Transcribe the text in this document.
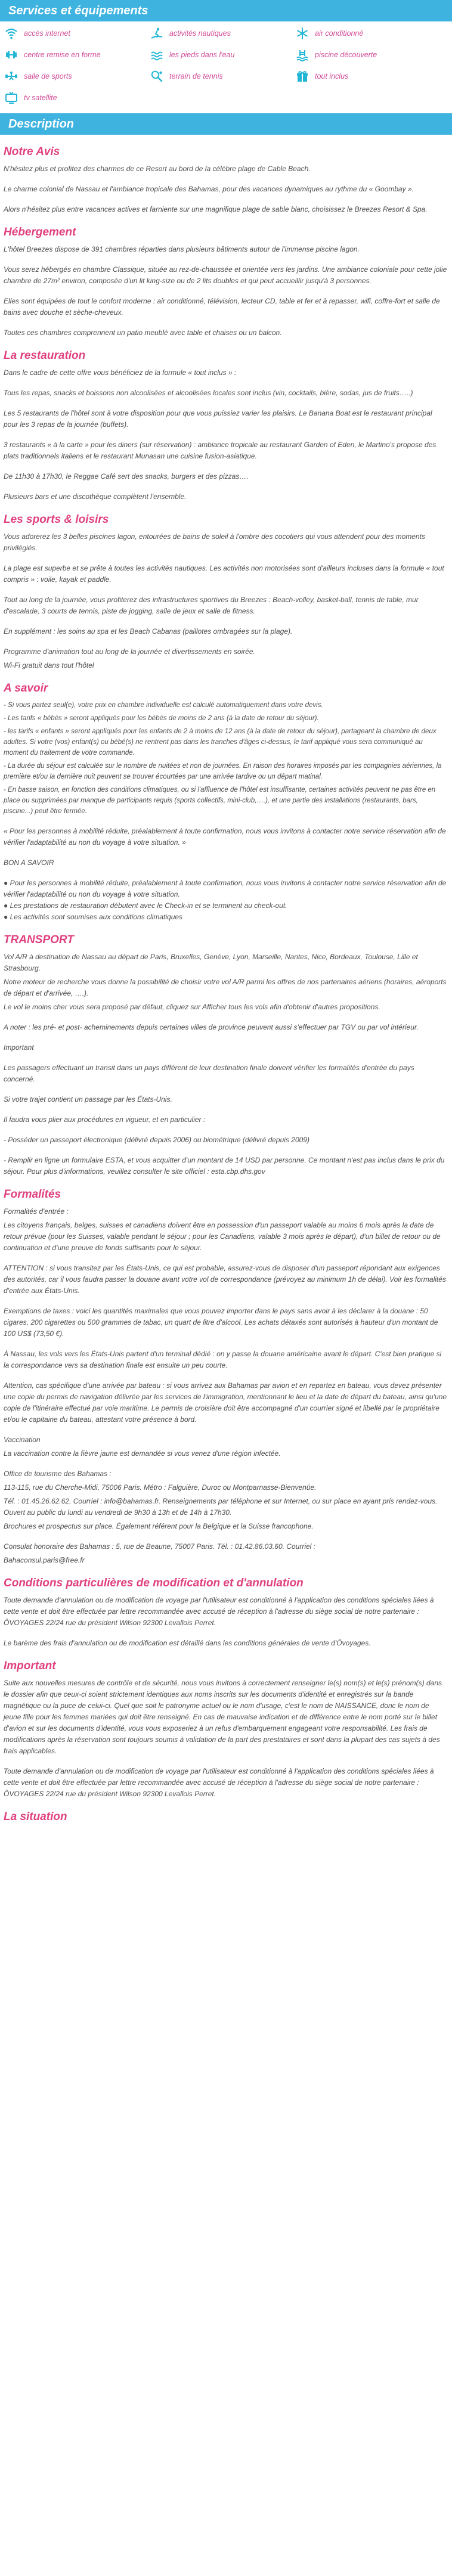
Services et équipements
accès internet	activités nautiques	air conditionné
centre remise en forme	les pieds dans l'eau	piscine découverte
salle de sports	terrain de tennis	tout inclus
tv satellite
Description
Notre Avis

N'hésitez plus et profitez des charmes de ce Resort au bord de la célèbre plage de Cable Beach.

Le charme colonial de Nassau et l'ambiance tropicale des Bahamas, pour des vacances dynamiques au rythme du « Goombay ».

Alors n'hésitez plus entre vacances actives et farniente sur une magnifique plage de sable blanc, choisissez le Breezes Resort & Spa.

Hébergement

L'hôtel Breezes dispose de 391 chambres réparties dans plusieurs bâtiments autour de l'immense piscine lagon.

Vous serez hébergés en chambre Classique, située au rez-de-chaussée et orientée vers les jardins. Une ambiance coloniale pour cette jolie chambre de 27m² environ, composée d'un lit king-size ou de 2 lits doubles et qui peut accueillir jusqu'à 3 personnes.

Elles sont équipées de tout le confort moderne : air conditionné, télévision, lecteur CD, table et fer et à repasser, wifi, coffre-fort et salle de bains avec douche et sèche-cheveux.

Toutes ces chambres comprennent un patio meublé avec table et chaises ou un balcon.

La restauration

Dans le cadre de cette offre vous bénéficiez de la formule « tout inclus » :

Tous les repas, snacks et boissons non alcoolisées et alcoolisées locales sont inclus (vin, cocktails, bière, sodas, jus de fruits…..)

Les 5 restaurants de l'hôtel sont à votre disposition pour que vous puissiez varier les plaisirs. Le Banana Boat est le restaurant principal pour les 3 repas de la journée (buffets).

3 restaurants « à la carte » pour les diners (sur réservation) : ambiance tropicale au restaurant Garden of Eden, le Martino's propose des plats traditionnels italiens et le restaurant Munasan une cuisine fusion-asiatique.

De 11h30 à 17h30, le Reggae Café sert des snacks, burgers et des pizzas….

Plusieurs bars et une discothèque complètent l'ensemble.

Les sports & loisirs

Vous adorerez les 3 belles piscines lagon, entourées de bains de soleil à l'ombre des cocotiers qui vous attendent pour des moments privilégiés.

La plage est superbe et se prête à toutes les activités nautiques. Les activités non motorisées sont d'ailleurs incluses dans la formule « tout compris » : voile, kayak et paddle.

Tout au long de la journée, vous profiterez des infrastructures sportives du Breezes : Beach-volley, basket-ball, tennis de table, mur d'escalade, 3 courts de tennis, piste de jogging, salle de jeux et salle de fitness.

En supplément : les soins au spa et les Beach Cabanas (paillotes ombragées sur la plage).

Programme d'animation tout au long de la journée et divertissements en soirée.

Wi-Fi gratuit dans tout l'hôtel

A savoir

- Si vous partez seul(e), votre prix en chambre individuelle est calculé automatiquement dans votre devis.

- Les tarifs « bébés » seront appliqués pour les bébés de moins de 2 ans (à la date de retour du séjour).

- les tarifs « enfants » seront appliqués pour les enfants de 2 à moins de 12 ans (à la date de retour du séjour), partageant la chambre de deux adultes. Si votre (vos) enfant(s) ou bébé(s) ne rentrent pas dans les tranches d'âges ci-dessus, le tarif appliqué vous sera communiqué au moment du traitement de votre commande.

- La durée du séjour est calculée sur le nombre de nuitées et non de journées. En raison des horaires imposés par les compagnies aériennes, la première et/ou la dernière nuit peuvent se trouver écourtées par une arrivée tardive ou un départ matinal.

- En basse saison, en fonction des conditions climatiques, ou si l'affluence de l'hôtel est insuffisante, certaines activités peuvent ne pas être en place ou supprimées par manque de participants requis (sports collectifs, mini-club,….), et une partie des installations (restaurants, bars, piscine...) peut être fermée.

« Pour les personnes à mobilité réduite, préalablement à toute confirmation, nous vous invitons à contacter notre service réservation afin de vérifier l'adaptabilité au non du voyage à votre situation. »

BON A SAVOIR

● Pour les personnes à mobilité réduite, préalablement à toute confirmation, nous vous invitons à contacter notre service réservation afin de vérifier l'adaptabilité ou non du voyage à votre situation.
● Les prestations de restauration débutent avec le Check-in et se terminent au check-out.
● Les activités sont soumises aux conditions climatiques
TRANSPORT

Vol A/R à destination de Nassau au départ de Paris, Bruxelles, Genève, Lyon, Marseille, Nantes, Nice, Bordeaux, Toulouse, Lille et Strasbourg.

Notre moteur de recherche vous donne la possibilité de choisir votre vol A/R parmi les offres de nos partenaires aériens (horaires, aéroports de départ et d'arrivée, ….).

Le vol le moins cher vous sera proposé par défaut, cliquez sur Afficher tous les vols afin d'obtenir d'autres propositions.

A noter : les pré- et post- acheminements depuis certaines villes de province peuvent aussi s'effectuer par TGV ou par vol intérieur.

Important

Les passagers effectuant un transit dans un pays différent de leur destination finale doivent vérifier les formalités d'entrée du pays concerné.

Si votre trajet contient un passage par les États-Unis.

Il faudra vous plier aux procédures en vigueur, et en particulier :

- Posséder un passeport électronique (délivré depuis 2006) ou biométrique (délivré depuis 2009)

- Remplir en ligne un formulaire ESTA, et vous acquitter d'un montant de 14 USD par personne. Ce montant n'est pas inclus dans le prix du séjour. Pour plus d'informations, veuillez consulter le site officiel : esta.cbp.dhs.gov

Formalités

Formalités d'entrée :

Les citoyens français, belges, suisses et canadiens doivent être en possession d'un passeport valable au moins 6 mois après la date de retour prévue (pour les Suisses, valable pendant le séjour ; pour les Canadiens, valable 3 mois après le départ), d'un billet de retour ou de continuation et d'une preuve de fonds suffisants pour le séjour.

ATTENTION : si vous transitez par les États-Unis, ce qui est probable, assurez-vous de disposer d'un passeport répondant aux exigences des autorités, car il vous faudra passer la douane avant votre vol de correspondance (prévoyez au minimum 1h de délai). Voir les formalités d'entrée aux États-Unis.

Exemptions de taxes : voici les quantités maximales que vous pouvez importer dans le pays sans avoir à les déclarer à la douane : 50 cigares, 200 cigarettes ou 500 grammes de tabac, un quart de litre d'alcool. Les achats détaxés sont autorisés à hauteur d'un montant de 100 US$ (73,50 €).

À Nassau, les vols vers les États-Unis partent d'un terminal dédié : on y passe la douane américaine avant le départ. C'est bien pratique si la correspondance vers sa destination finale est ensuite un peu courte.

Attention, cas spécifique d'une arrivée par bateau : si vous arrivez aux Bahamas par avion et en repartez en bateau, vous devez présenter une copie du permis de navigation délivrée par les services de l'immigration, mentionnant le lieu et la date de départ du bateau, ainsi qu'une copie de l'itinéraire effectué par voie maritime. Le permis de croisière doit être accompagné d'un courrier signé et libellé par le propriétaire et/ou le capitaine du bateau, attestant votre présence à bord.

Vaccination

La vaccination contre la fièvre jaune est demandée si vous venez d'une région infectée.

Office de tourisme des Bahamas :

113-115, rue du Cherche-Midi, 75006 Paris. Métro : Falguière, Duroc ou Montparnasse-Bienvenüe.

Tél. : 01.45.26.62.62. Courriel : info@bahamas.fr. Renseignements par téléphone et sur Internet, ou sur place en ayant pris rendez-vous. Ouvert au public du lundi au vendredi de 9h30 à 13h et de 14h à 17h30.

Brochures et prospectus sur place. Également référent pour la Belgique et la Suisse francophone.

Consulat honoraire des Bahamas : 5, rue de Beaune, 75007 Paris. Tél. : 01.42.86.03.60. Courriel :

Bahaconsul.paris@free.fr

Conditions particulières de modification et d'annulation

Toute demande d'annulation ou de modification de voyage par l'utilisateur est conditionné à l'application des conditions spéciales liées à cette vente et doit être effectuée par lettre recommandée avec accusé de réception à l'adresse du siège social de notre partenaire : ÔVOYAGES 22/24 rue du président Wilson 92300 Levallois Perret.

Le barème des frais d'annulation ou de modification est détaillé dans les conditions générales de vente d'Ôvoyages.

Important

Suite aux nouvelles mesures de contrôle et de sécurité, nous vous invitons à correctement renseigner le(s) nom(s) et le(s) prénom(s) dans le dossier afin que ceux-ci soient strictement identiques aux noms inscrits sur les documents d'identité et enregistrés sur la bande magnétique ou la puce de celui-ci. Quel que soit le patronyme actuel ou le nom d'usage, c'est le nom de NAISSANCE, donc le nom de jeune fille pour les femmes mariées qui doit être renseigné. En cas de mauvaise indication et de différence entre le nom porté sur le billet d'avion et sur les documents d'identité, vous vous exposeriez à un refus d'embarquement engageant votre responsabilité. Les frais de modifications après la réservation sont toujours soumis à validation de la part des prestataires et sont dans la plupart des cas sujets à des frais applicables.

Toute demande d'annulation ou de modification de voyage par l'utilisateur est conditionné à l'application des conditions spéciales liées à cette vente et doit être effectuée par lettre recommandée avec accusé de réception à l'adresse du siège social de notre partenaire : ÔVOYAGES 22/24 rue du président Wilson 92300 Levallois Perret.

La situation
